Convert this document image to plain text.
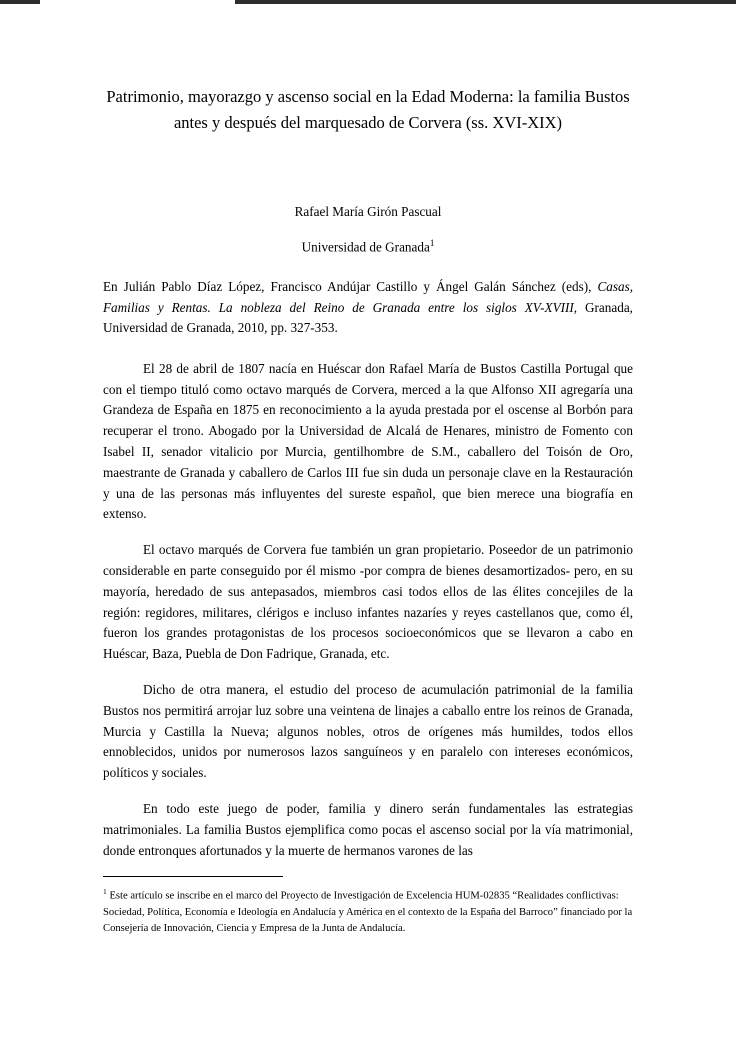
Patrimonio, mayorazgo y ascenso social en la Edad Moderna: la familia Bustos antes y después del marquesado de Corvera (ss. XVI-XIX)
Rafael María Girón Pascual
Universidad de Granada$^1$
En Julián Pablo Díaz López, Francisco Andújar Castillo y Ángel Galán Sánchez (eds), Casas, Familias y Rentas. La nobleza del Reino de Granada entre los siglos XV-XVIII, Granada, Universidad de Granada, 2010, pp. 327-353.

El 28 de abril de 1807 nacía en Huéscar don Rafael María de Bustos Castilla Portugal que con el tiempo tituló como octavo marqués de Corvera, merced a la que Alfonso XII agregaría una Grandeza de España en 1875 en reconocimiento a la ayuda prestada por el oscense al Borbón para recuperar el trono. Abogado por la Universidad de Alcalá de Henares, ministro de Fomento con Isabel II, senador vitalicio por Murcia, gentilhombre de S.M., caballero del Toisón de Oro, maestrante de Granada y caballero de Carlos III fue sin duda un personaje clave en la Restauración y una de las personas más influyentes del sureste español, que bien merece una biografía en extenso.

El octavo marqués de Corvera fue también un gran propietario. Poseedor de un patrimonio considerable en parte conseguido por él mismo -por compra de bienes desamortizados- pero, en su mayoría, heredado de sus antepasados, miembros casi todos ellos de las élites concejiles de la región: regidores, militares, clérigos e incluso infantes nazaríes y reyes castellanos que, como él, fueron los grandes protagonistas de los procesos socioeconómicos que se llevaron a cabo en Huéscar, Baza, Puebla de Don Fadrique, Granada, etc.

Dicho de otra manera, el estudio del proceso de acumulación patrimonial de la familia Bustos nos permitirá arrojar luz sobre una veintena de linajes a caballo entre los reinos de Granada, Murcia y Castilla la Nueva; algunos nobles, otros de orígenes más humildes, todos ellos ennoblecidos, unidos por numerosos lazos sanguíneos y en paralelo con intereses económicos, políticos y sociales.

En todo este juego de poder, familia y dinero serán fundamentales las estrategias matrimoniales. La familia Bustos ejemplifica como pocas el ascenso social por la vía matrimonial, donde entronques afortunados y la muerte de hermanos varones de las

$^1$ Este artículo se inscribe en el marco del Proyecto de Investigación de Excelencia HUM-02835 “Realidades conflictivas: Sociedad, Política, Economía e Ideología en Andalucía y América en el contexto de la España del Barroco” financiado por la Consejería de Innovación, Ciencia y Empresa de la Junta de Andalucía.
